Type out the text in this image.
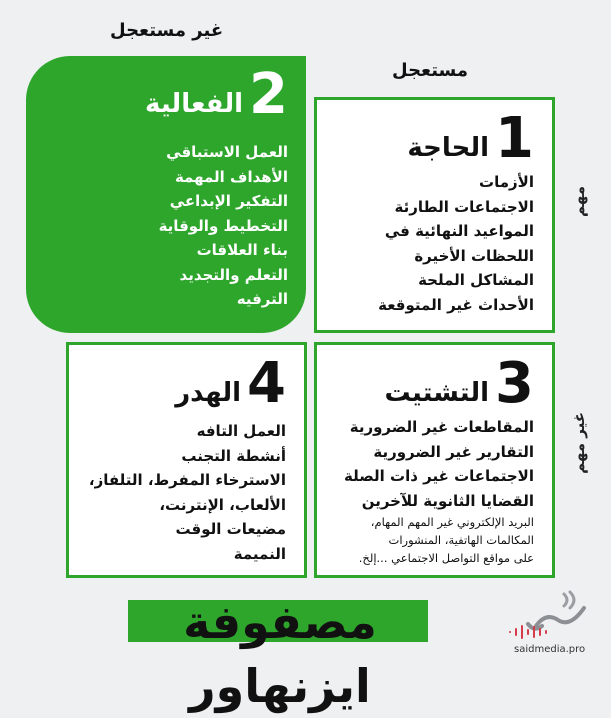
غير مستعجل
مستعجل
مهم
غير مهم
2
الفعالية
العمل الاستباقي
الأهداف المهمة
التفكير الإبداعي
التخطيط والوقاية
بناء العلاقات
التعلم والتجديد
الترفيه
1
الحاجة
الأزمات
الاجتماعات الطارئة
المواعيد النهائية في
اللحظات الأخيرة
المشاكل الملحة
الأحداث غير المتوقعة
4
الهدر
العمل التافه
أنشطة التجنب
الاسترخاء المفرط، التلفاز،
الألعاب، الإنترنت،
مضيعات الوقت
النميمة
3
التشتيت
المقاطعات غير الضرورية
التقارير غير الضرورية
الاجتماعات غير ذات الصلة
القضايا الثانوية للآخرين
البريد الإلكتروني غير المهم المهام،
المكالمات الهاتفية، المنشورات
على مواقع التواصل الاجتماعي ...إلخ.
مصفوفة ايزنهاور
saidmedia.pro
